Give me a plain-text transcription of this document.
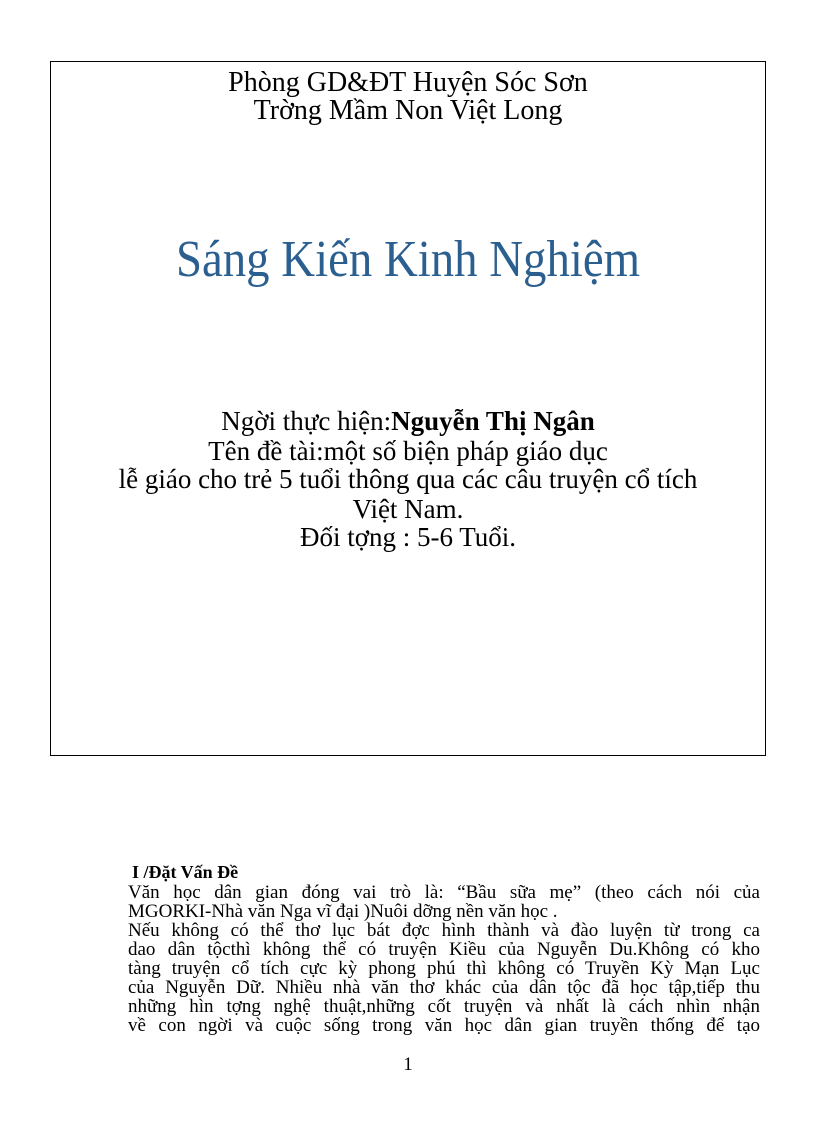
Phòng GD&ĐT Huyện Sóc Sơn
Trờng Mầm Non Việt Long
Sáng Kiến Kinh Nghiệm
Ngời thực hiện:Nguyễn Thị Ngân
Tên đề tài:một số biện pháp giáo dục
lễ giáo cho trẻ 5 tuổi thông qua các câu truyện cổ tích
Việt Nam.
Đối tợng : 5-6 Tuổi.
I /Đặt Vấn Đề
Văn học dân gian đóng vai trò là: “Bầu sữa mẹ” (theo cách nói của
MGORKI-Nhà văn Nga vĩ đại )Nuôi dỡng nền văn học .
Nếu không có thể thơ lục bát đợc hình thành và đào luyện từ trong ca
dao dân tộcthì không thể có truyện Kiều của Nguyễn Du.Không có kho
tàng truyện cổ tích cực kỳ phong phú thì không có Truyền Kỳ Mạn Lục
của Nguyễn Dữ. Nhiều nhà văn thơ khác của dân tộc đã học tập,tiếp thu
những hìn tợng nghệ thuật,những cốt truyện và nhất là cách nhìn nhận
về con ngời và cuộc sống trong văn học dân gian truyền thống để tạo
1
